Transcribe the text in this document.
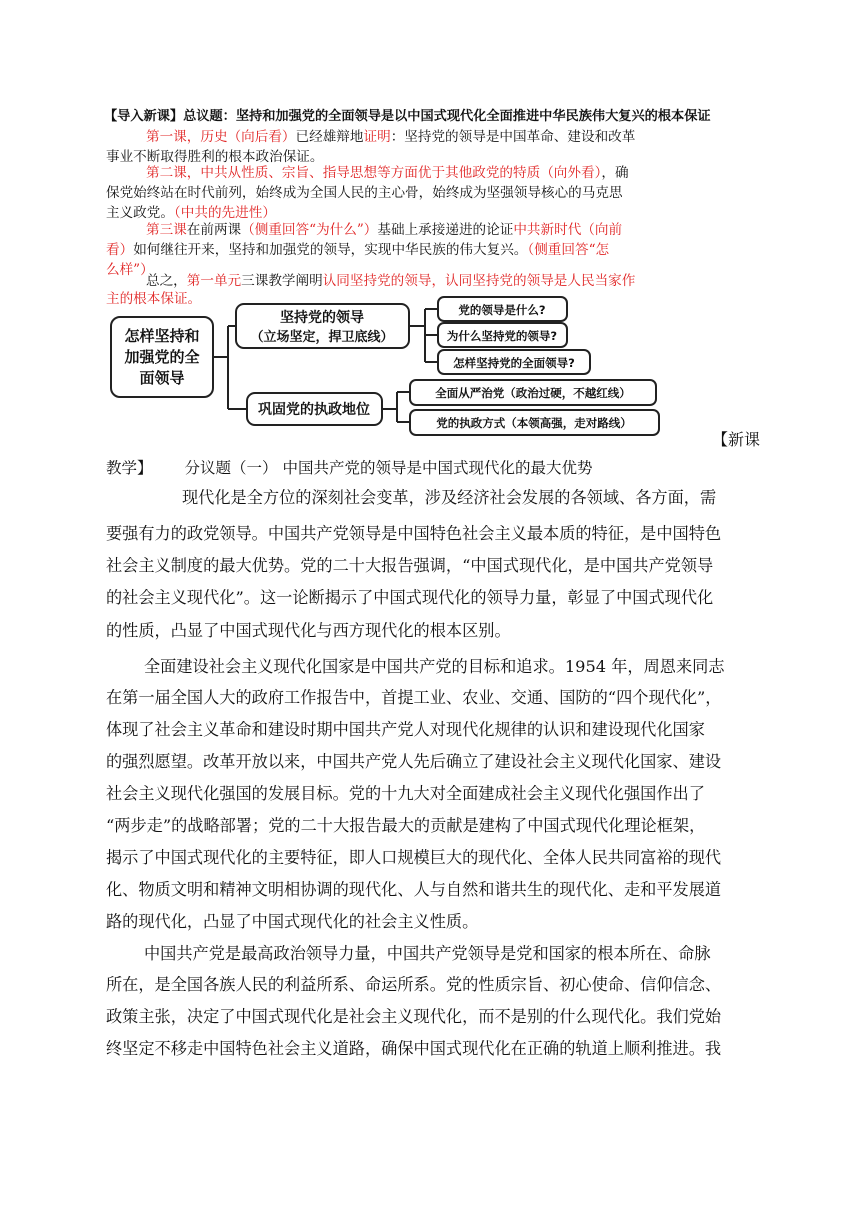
【导入新课】总议题：坚持和加强党的全面领导是以中国式现代化全面推进中华民族伟大复兴的根本保证
第一课，历史（向后看）已经雄辩地证明：坚持党的领导是中国革命、建设和改革
事业不断取得胜利的根本政治保证。
第二课，中共从性质、宗旨、指导思想等方面优于其他政党的特质（向外看），确
保党始终站在时代前列，始终成为全国人民的主心骨，始终成为坚强领导核心的马克思
主义政党。（中共的先进性）
第三课在前两课（侧重回答“为什么”）基础上承接递进的论证中共新时代（向前
看）如何继往开来，坚持和加强党的领导，实现中华民族的伟大复兴。（侧重回答“怎
么样”）
总之，第一单元三课教学阐明认同坚持党的领导，认同坚持党的领导是人民当家作
主的根本保证。
怎样坚持和
加强党的全
面领导
坚持党的领导
（立场坚定，捍卫底线）
巩固党的执政地位
党的领导是什么?
为什么坚持党的领导?
怎样坚持党的全面领导?
全面从严治党（政治过硬，不越红线）
党的执政方式（本领高强，走对路线）
【新课
教学】 分议题（一） 中国共产党的领导是中国式现代化的最大优势
现代化是全方位的深刻社会变革，涉及经济社会发展的各领域、各方面，需
要强有力的政党领导。中国共产党领导是中国特色社会主义最本质的特征，是中国特色
社会主义制度的最大优势。党的二十大报告强调，“中国式现代化，是中国共产党领导
的社会主义现代化”。这一论断揭示了中国式现代化的领导力量，彰显了中国式现代化
的性质，凸显了中国式现代化与西方现代化的根本区别。
全面建设社会主义现代化国家是中国共产党的目标和追求。1954 年，周恩来同志
在第一届全国人大的政府工作报告中，首提工业、农业、交通、国防的“四个现代化”，
体现了社会主义革命和建设时期中国共产党人对现代化规律的认识和建设现代化国家
的强烈愿望。改革开放以来，中国共产党人先后确立了建设社会主义现代化国家、建设
社会主义现代化强国的发展目标。党的十九大对全面建成社会主义现代化强国作出了
“两步走”的战略部署；党的二十大报告最大的贡献是建构了中国式现代化理论框架，
揭示了中国式现代化的主要特征，即人口规模巨大的现代化、全体人民共同富裕的现代
化、物质文明和精神文明相协调的现代化、人与自然和谐共生的现代化、走和平发展道
路的现代化，凸显了中国式现代化的社会主义性质。
中国共产党是最高政治领导力量，中国共产党领导是党和国家的根本所在、命脉
所在，是全国各族人民的利益所系、命运所系。党的性质宗旨、初心使命、信仰信念、
政策主张，决定了中国式现代化是社会主义现代化，而不是别的什么现代化。我们党始
终坚定不移走中国特色社会主义道路，确保中国式现代化在正确的轨道上顺利推进。我
